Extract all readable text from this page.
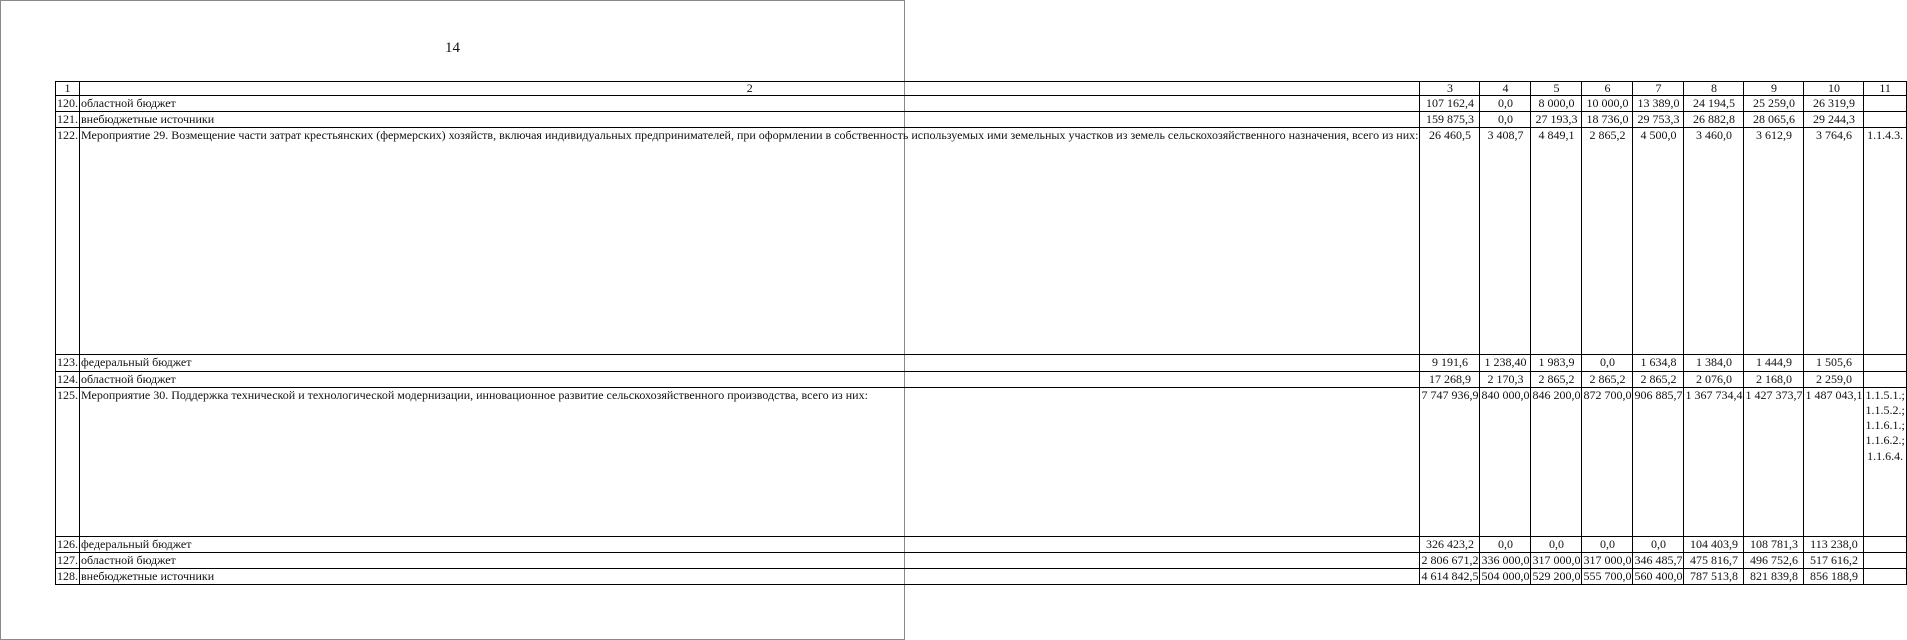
14
1	2	3	4	5	6	7	8	9	10	11
120.	областной бюджет	107 162,4	0,0	8 000,0	10 000,0	13 389,0	24 194,5	25 259,0	26 319,9	
121.	внебюджетные источники	159 875,3	0,0	27 193,3	18 736,0	29 753,3	26 882,8	28 065,6	29 244,3	
122.	Мероприятие 29. Возмещение части затрат крестьянских (фермерских) хозяйств, включая индивидуальных предпринимателей, при оформлении в собственность используемых ими земельных участков из земель сельскохозяйственного назначения, всего из них:	26 460,5	3 408,7	4 849,1	2 865,2	4 500,0	3 460,0	3 612,9	3 764,6	1.1.4.3.

123.	федеральный бюджет	9 191,6	1 238,40	1 983,9	0,0	1 634,8	1 384,0	1 444,9	1 505,6	
124.	областной бюджет	17 268,9	2 170,3	2 865,2	2 865,2	2 865,2	2 076,0	2 168,0	2 259,0	
125.	Мероприятие 30. Поддержка технической и технологической модернизации, инновационное развитие сельскохозяйственного производства, всего из них:	7 747 936,9	840 000,0	846 200,0	872 700,0	906 885,7	1 367 734,4	1 427 373,7	1 487 043,1	1.1.5.1.;
1.1.5.2.;
1.1.6.1.;
1.1.6.2.;
1.1.6.4.

126.	федеральный бюджет	326 423,2	0,0	0,0	0,0	0,0	104 403,9	108 781,3	113 238,0	
127.	областной бюджет	2 806 671,2	336 000,0	317 000,0	317 000,0	346 485,7	475 816,7	496 752,6	517 616,2	
128.	внебюджетные источники	4 614 842,5	504 000,0	529 200,0	555 700,0	560 400,0	787 513,8	821 839,8	856 188,9	
